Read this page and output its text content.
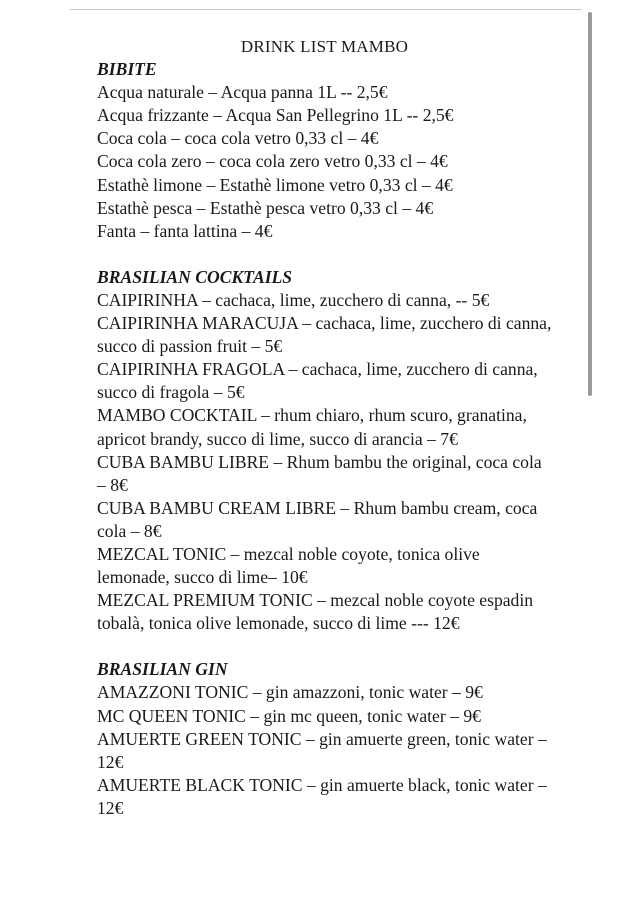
DRINK LIST MAMBO
BIBITE

Acqua naturale – Acqua panna 1L -- 2,5€

Acqua frizzante – Acqua San Pellegrino 1L -- 2,5€

Coca cola – coca cola vetro 0,33 cl – 4€

Coca cola zero – coca cola zero vetro 0,33 cl – 4€

Estathè limone – Estathè limone vetro 0,33 cl – 4€

Estathè pesca – Estathè pesca vetro 0,33 cl – 4€

Fanta – fanta lattina – 4€

BRASILIAN COCKTAILS

CAIPIRINHA – cachaca, lime, zucchero di canna, -- 5€

CAIPIRINHA MARACUJA – cachaca, lime, zucchero di canna, succo di passion fruit – 5€

CAIPIRINHA FRAGOLA – cachaca, lime, zucchero di canna, succo di fragola – 5€

MAMBO COCKTAIL – rhum chiaro, rhum scuro, granatina, apricot brandy, succo di lime, succo di arancia – 7€

CUBA BAMBU LIBRE – Rhum bambu the original, coca cola – 8€

CUBA BAMBU CREAM LIBRE – Rhum bambu cream, coca cola – 8€

MEZCAL TONIC – mezcal noble coyote, tonica olive lemonade, succo di lime– 10€

MEZCAL PREMIUM TONIC – mezcal noble coyote espadin tobalà, tonica olive lemonade, succo di lime --- 12€

BRASILIAN GIN

AMAZZONI TONIC – gin amazzoni, tonic water – 9€

MC QUEEN TONIC – gin mc queen, tonic water – 9€

AMUERTE GREEN TONIC – gin amuerte green, tonic water – 12€

AMUERTE BLACK TONIC – gin amuerte black, tonic water – 12€
